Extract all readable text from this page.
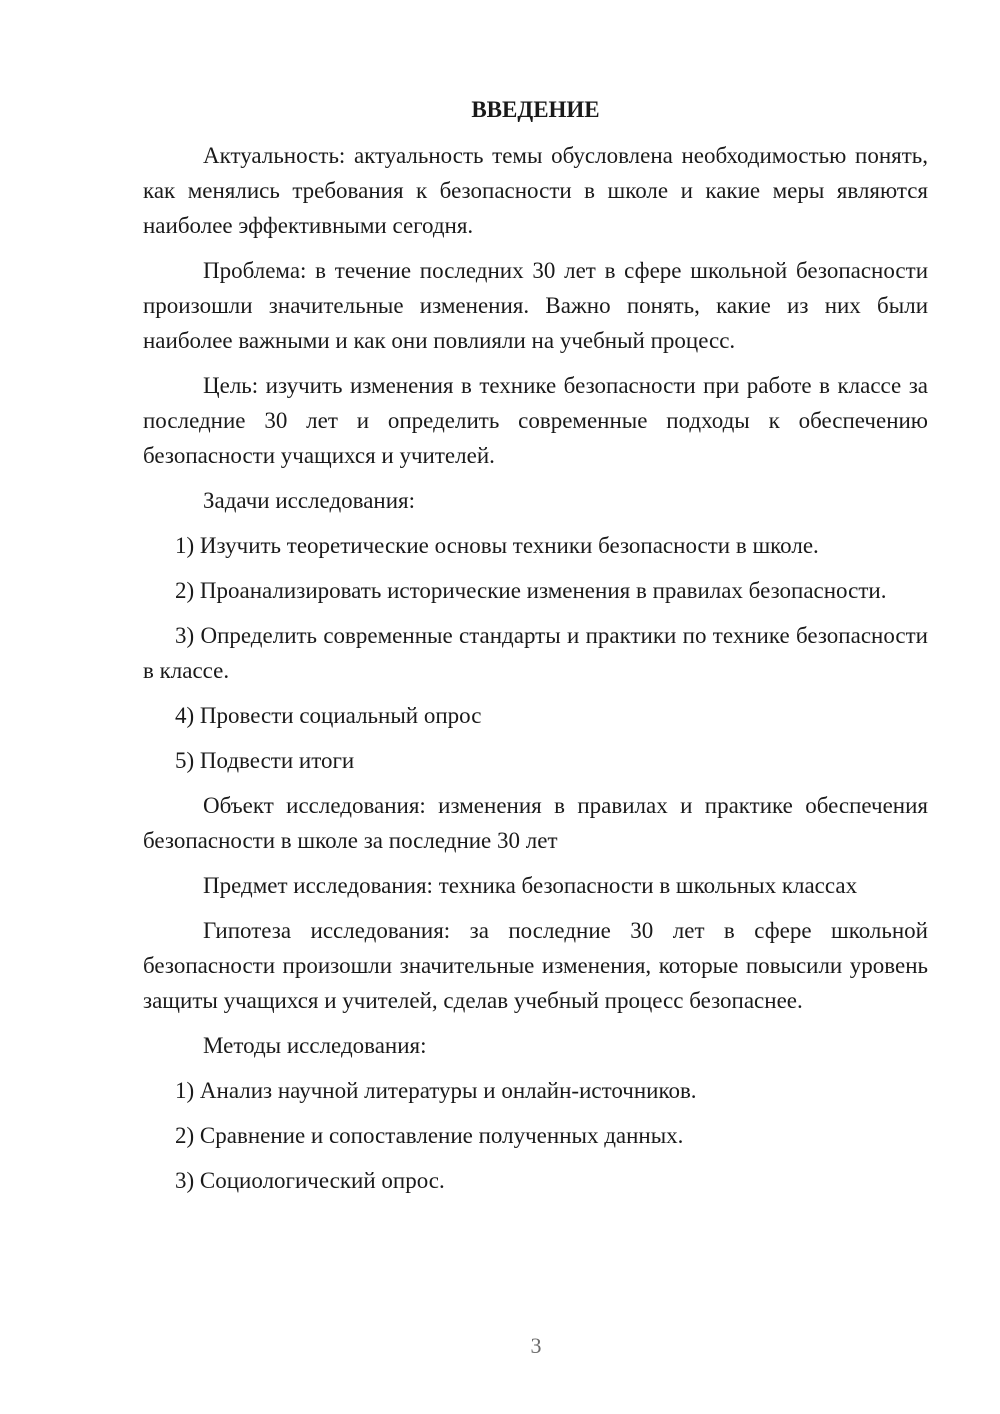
ВВЕДЕНИЕ

Актуальность: актуальность темы обусловлена необходимостью понять, как менялись требования к безопасности в школе и какие меры являются наиболее эффективными сегодня.

Проблема: в течение последних 30 лет в сфере школьной безопасности произошли значительные изменения. Важно понять, какие из них были наиболее важными и как они повлияли на учебный процесс.

Цель: изучить изменения в технике безопасности при работе в классе за последние 30 лет и определить современные подходы к обеспечению безопасности учащихся и учителей.

Задачи исследования:

1) Изучить теоретические основы техники безопасности в школе.

2) Проанализировать исторические изменения в правилах безопасности.

3) Определить современные стандарты и практики по технике безопасности в классе.

4) Провести социальный опрос

5) Подвести итоги

Объект исследования: изменения в правилах и практике обеспечения безопасности в школе за последние 30 лет

Предмет исследования: техника безопасности в школьных классах

Гипотеза исследования: за последние 30 лет в сфере школьной безопасности произошли значительные изменения, которые повысили уровень защиты учащихся и учителей, сделав учебный процесс безопаснее.

Методы исследования:

1) Анализ научной литературы и онлайн-источников.

2) Сравнение и сопоставление полученных данных.

3) Социологический опрос.

3
